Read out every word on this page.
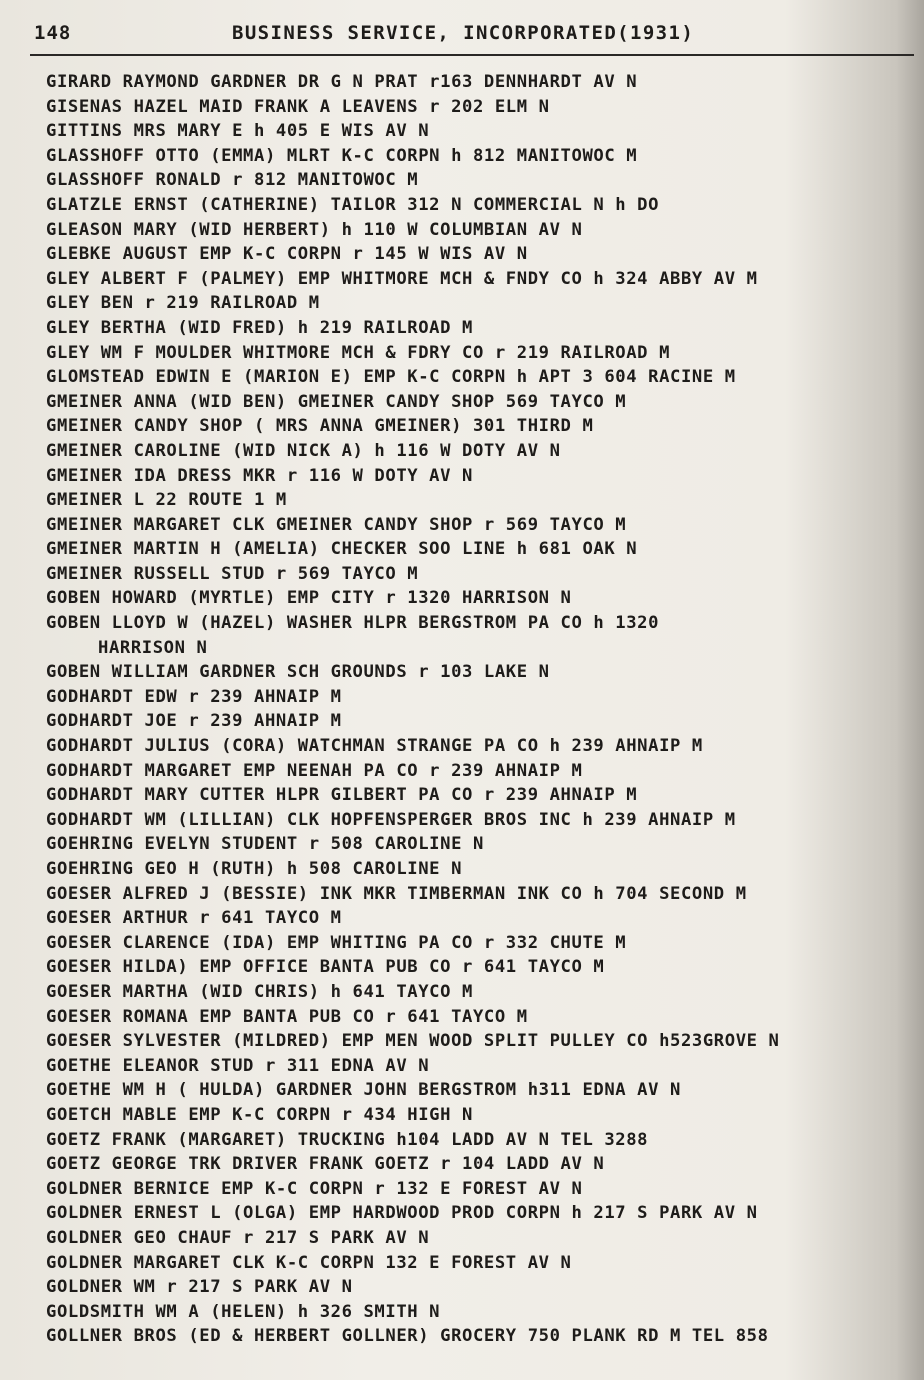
148	BUSINESS SERVICE, INCORPORATED(1931)
GIRARD RAYMOND GARDNER DR G N PRAT r163 DENNHARDT AV N
GISENAS HAZEL MAID FRANK A LEAVENS r 202 ELM N
GITTINS MRS MARY E h 405 E WIS AV N
GLASSHOFF OTTO (EMMA) MLRT K-C CORPN h 812 MANITOWOC M
GLASSHOFF RONALD r 812 MANITOWOC M
GLATZLE ERNST (CATHERINE) TAILOR 312 N COMMERCIAL N h DO
GLEASON MARY (WID HERBERT) h 110 W COLUMBIAN AV N
GLEBKE AUGUST EMP K-C CORPN r 145 W WIS AV N
GLEY ALBERT F (PALMEY) EMP WHITMORE MCH & FNDY CO h 324 ABBY AV M
GLEY BEN r 219 RAILROAD M
GLEY BERTHA (WID FRED) h 219 RAILROAD M
GLEY WM F MOULDER WHITMORE MCH & FDRY CO r 219 RAILROAD M
GLOMSTEAD EDWIN E (MARION E) EMP K-C CORPN h APT 3 604 RACINE M
GMEINER ANNA (WID BEN) GMEINER CANDY SHOP 569 TAYCO M
GMEINER CANDY SHOP ( MRS ANNA GMEINER) 301 THIRD M
GMEINER CAROLINE (WID NICK A) h 116 W DOTY AV N
GMEINER IDA DRESS MKR r 116 W DOTY AV N
GMEINER L 22 ROUTE 1 M
GMEINER MARGARET CLK GMEINER CANDY SHOP r 569 TAYCO M
GMEINER MARTIN H (AMELIA) CHECKER SOO LINE h 681 OAK N
GMEINER RUSSELL STUD r 569 TAYCO M
GOBEN HOWARD (MYRTLE) EMP CITY r 1320 HARRISON N
GOBEN LLOYD W (HAZEL) WASHER HLPR BERGSTROM PA CO h 1320
HARRISON N
GOBEN WILLIAM GARDNER SCH GROUNDS r 103 LAKE N
GODHARDT EDW r 239 AHNAIP M
GODHARDT JOE r 239 AHNAIP M
GODHARDT JULIUS (CORA) WATCHMAN STRANGE PA CO h 239 AHNAIP M
GODHARDT MARGARET EMP NEENAH PA CO r 239 AHNAIP M
GODHARDT MARY CUTTER HLPR GILBERT PA CO r 239 AHNAIP M
GODHARDT WM (LILLIAN) CLK HOPFENSPERGER BROS INC h 239 AHNAIP M
GOEHRING EVELYN STUDENT r 508 CAROLINE N
GOEHRING GEO H (RUTH) h 508 CAROLINE N
GOESER ALFRED J (BESSIE) INK MKR TIMBERMAN INK CO h 704 SECOND M
GOESER ARTHUR r 641 TAYCO M
GOESER CLARENCE (IDA) EMP WHITING PA CO r 332 CHUTE M
GOESER HILDA) EMP OFFICE BANTA PUB CO r 641 TAYCO M
GOESER MARTHA (WID CHRIS) h 641 TAYCO M
GOESER ROMANA EMP BANTA PUB CO r 641 TAYCO M
GOESER SYLVESTER (MILDRED) EMP MEN WOOD SPLIT PULLEY CO h523GROVE N
GOETHE ELEANOR STUD r 311 EDNA AV N
GOETHE WM H ( HULDA) GARDNER JOHN BERGSTROM h311 EDNA AV N
GOETCH MABLE EMP K-C CORPN r 434 HIGH N
GOETZ FRANK (MARGARET) TRUCKING h104 LADD AV N TEL 3288
GOETZ GEORGE TRK DRIVER FRANK GOETZ r 104 LADD AV N
GOLDNER BERNICE EMP K-C CORPN r 132 E FOREST AV N
GOLDNER ERNEST L (OLGA) EMP HARDWOOD PROD CORPN h 217 S PARK AV N
GOLDNER GEO CHAUF r 217 S PARK AV N
GOLDNER MARGARET CLK K-C CORPN 132 E FOREST AV N
GOLDNER WM r 217 S PARK AV N
GOLDSMITH WM A (HELEN) h 326 SMITH N
GOLLNER BROS (ED & HERBERT GOLLNER) GROCERY 750 PLANK RD M TEL 858
